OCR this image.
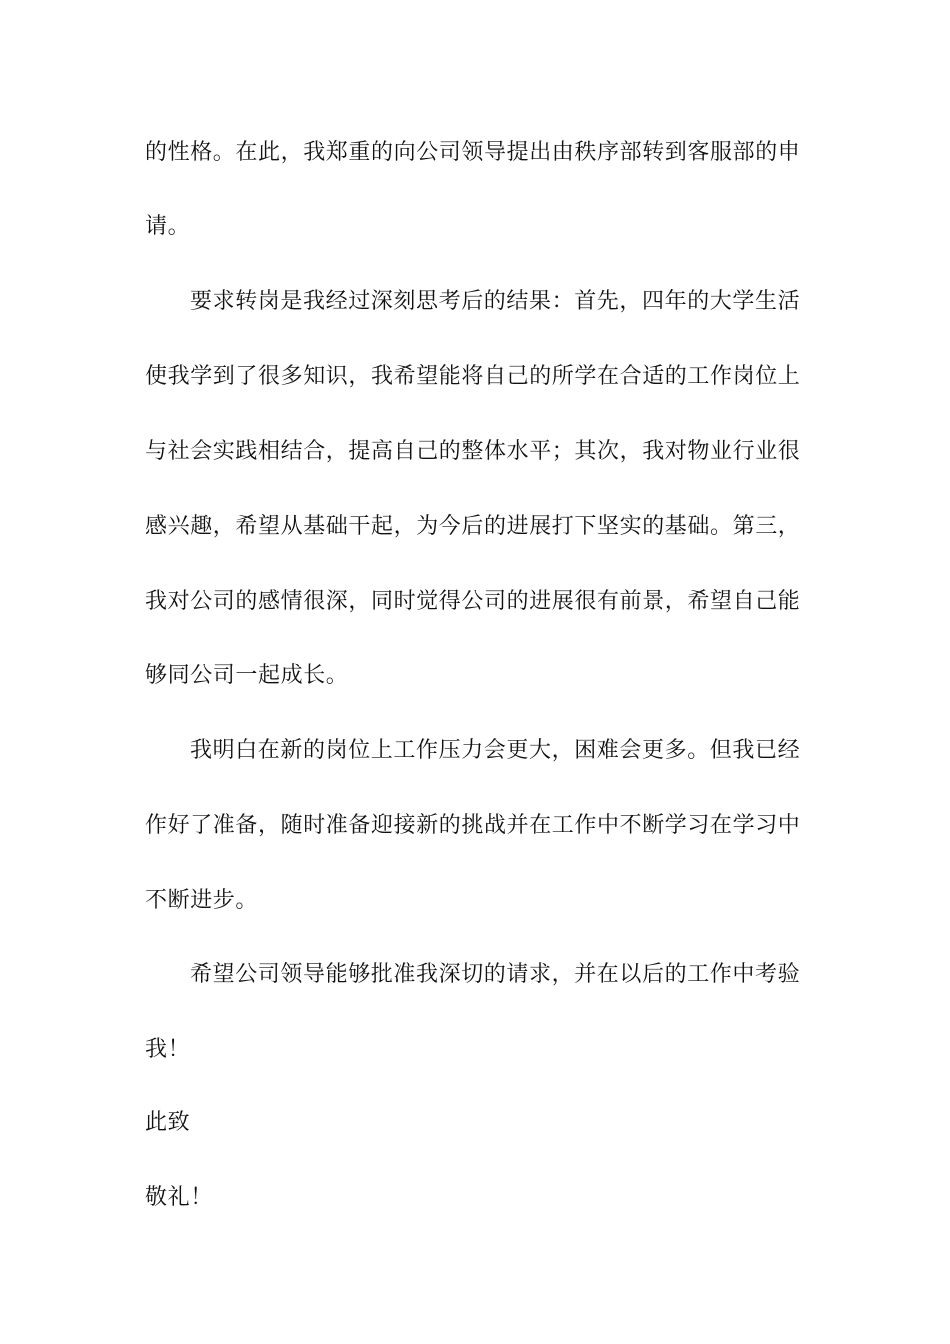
的性格。在此，我郑重的向公司领导提出由秩序部转到客服部的申
请。
要求转岗是我经过深刻思考后的结果：首先，四年的大学生活
使我学到了很多知识，我希望能将自己的所学在合适的工作岗位上
与社会实践相结合，提高自己的整体水平；其次，我对物业行业很
感兴趣，希望从基础干起，为今后的进展打下坚实的基础。第三，
我对公司的感情很深，同时觉得公司的进展很有前景，希望自己能
够同公司一起成长。
我明白在新的岗位上工作压力会更大，困难会更多。但我已经
作好了准备，随时准备迎接新的挑战并在工作中不断学习在学习中
不断进步。
希望公司领导能够批准我深切的请求，并在以后的工作中考验
我！
此致
敬礼！
